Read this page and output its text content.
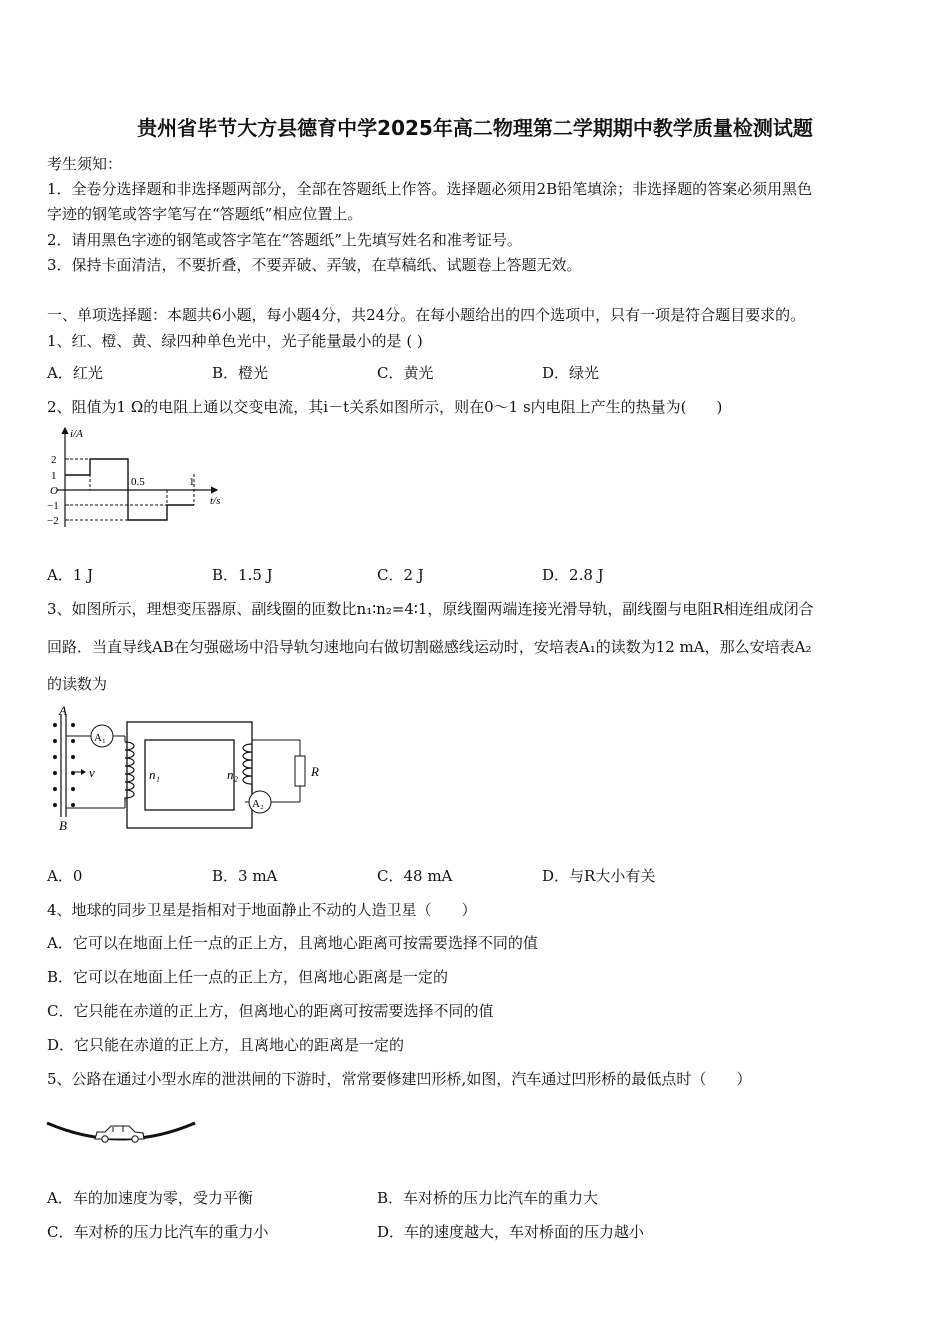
贵州省毕节大方县德育中学2025年高二物理第二学期期中教学质量检测试题
考生须知：
1．全卷分选择题和非选择题两部分，全部在答题纸上作答。选择题必须用2B铅笔填涂；非选择题的答案必须用黑色
字迹的钢笔或答字笔写在“答题纸”相应位置上。
2．请用黑色字迹的钢笔或答字笔在“答题纸”上先填写姓名和准考证号。
3．保持卡面清洁，不要折叠，不要弄破、弄皱，在草稿纸、试题卷上答题无效。
一、单项选择题：本题共6小题，每小题4分，共24分。在每小题给出的四个选项中，只有一项是符合题目要求的。
1、红、橙、黄、绿四种单色光中，光子能量最小的是 ( )
A．红光	B．橙光	C．黄光	D．绿光
2、阻值为1 Ω的电阻上通以交变电流，其i－t关系如图所示，则在0～1 s内电阻上产生的热量为(　　)
i/A
t/s
2
1
O
−1
−2
0.5	1
A．1 J	B．1.5 J	C．2 J	D．2.8 J
3、如图所示，理想变压器原、副线圈的匝数比n₁∶n₂=4∶1，原线圈两端连接光滑导轨，副线圈与电阻R相连组成闭合
回路．当直导线AB在匀强磁场中沿导轨匀速地向右做切割磁感线运动时，安培表A₁的读数为12 mA，那么安培表A₂
的读数为
A
B
v
A₁
n₁	n₂	R
A₂
A．0	B．3 mA	C．48 mA	D．与R大小有关
4、地球的同步卫星是指相对于地面静止不动的人造卫星（　　）
A．它可以在地面上任一点的正上方，且离地心距离可按需要选择不同的值
B．它可以在地面上任一点的正上方，但离地心距离是一定的
C．它只能在赤道的正上方，但离地心的距离可按需要选择不同的值
D．它只能在赤道的正上方，且离地心的距离是一定的
5、公路在通过小型水库的泄洪闸的下游时，常常要修建凹形桥,如图，汽车通过凹形桥的最低点时（　　）
A．车的加速度为零，受力平衡	B．车对桥的压力比汽车的重力大
C．车对桥的压力比汽车的重力小	D．车的速度越大，车对桥面的压力越小
